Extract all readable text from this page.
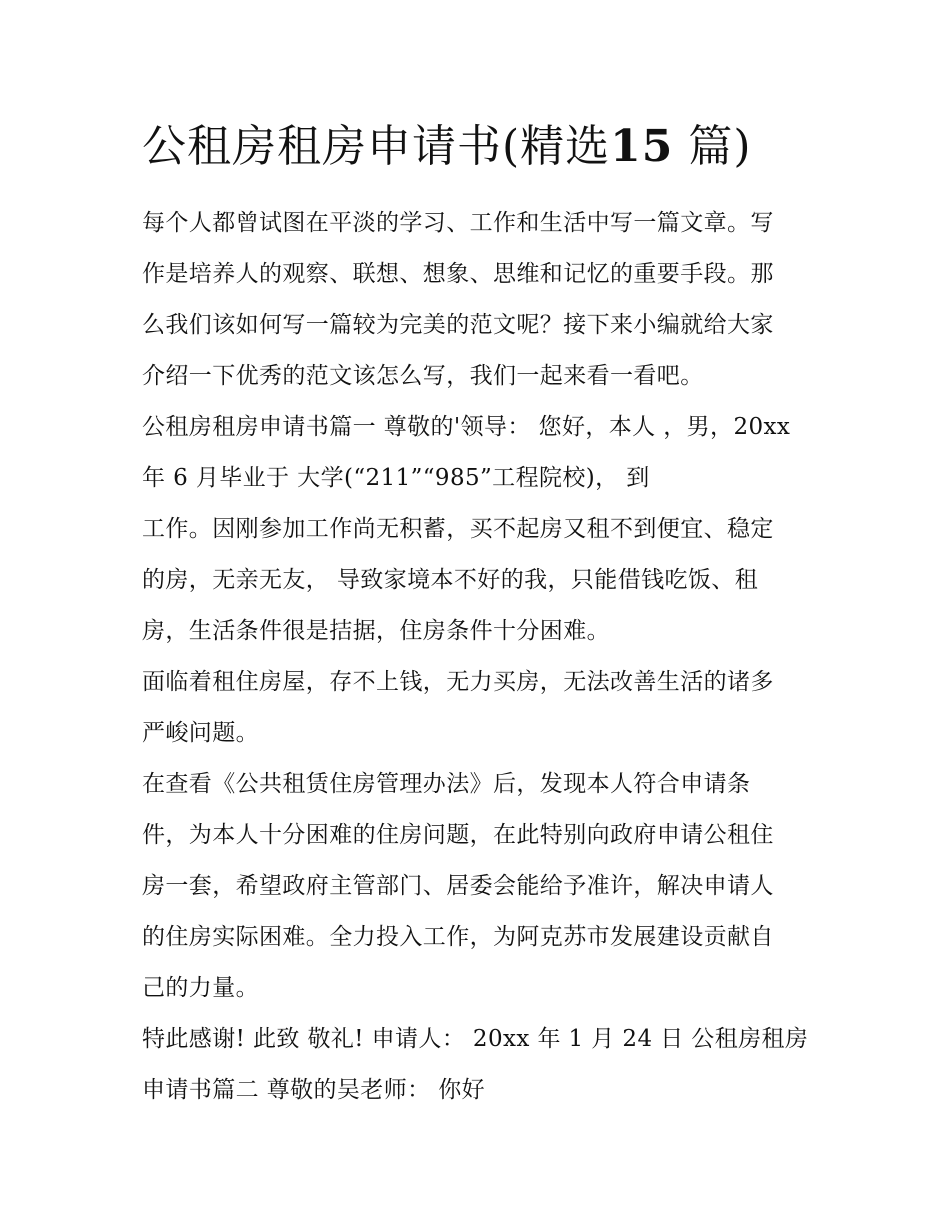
公租房租房申请书(精选15 篇)
每个人都曾试图在平淡的学习、工作和生活中写一篇文章。写
作是培养人的观察、联想、想象、思维和记忆的重要手段。那
么我们该如何写一篇较为完美的范文呢？接下来小编就给大家
介绍一下优秀的范文该怎么写，我们一起来看一看吧。
公租房租房申请书篇一 尊敬的'领导： 您好，本人 ，男，20xx
年 6 月毕业于 大学(“211”“985”工程院校)， 到
工作。因刚参加工作尚无积蓄，买不起房又租不到便宜、稳定
的房，无亲无友， 导致家境本不好的我，只能借钱吃饭、租
房，生活条件很是拮据，住房条件十分困难。
面临着租住房屋，存不上钱，无力买房，无法改善生活的诸多
严峻问题。
在查看《公共租赁住房管理办法》后，发现本人符合申请条
件，为本人十分困难的住房问题，在此特别向政府申请公租住
房一套，希望政府主管部门、居委会能给予准许，解决申请人
的住房实际困难。全力投入工作，为阿克苏市发展建设贡献自
己的力量。
特此感谢! 此致 敬礼! 申请人： 20xx 年 1 月 24 日 公租房租房
申请书篇二 尊敬的吴老师： 你好
